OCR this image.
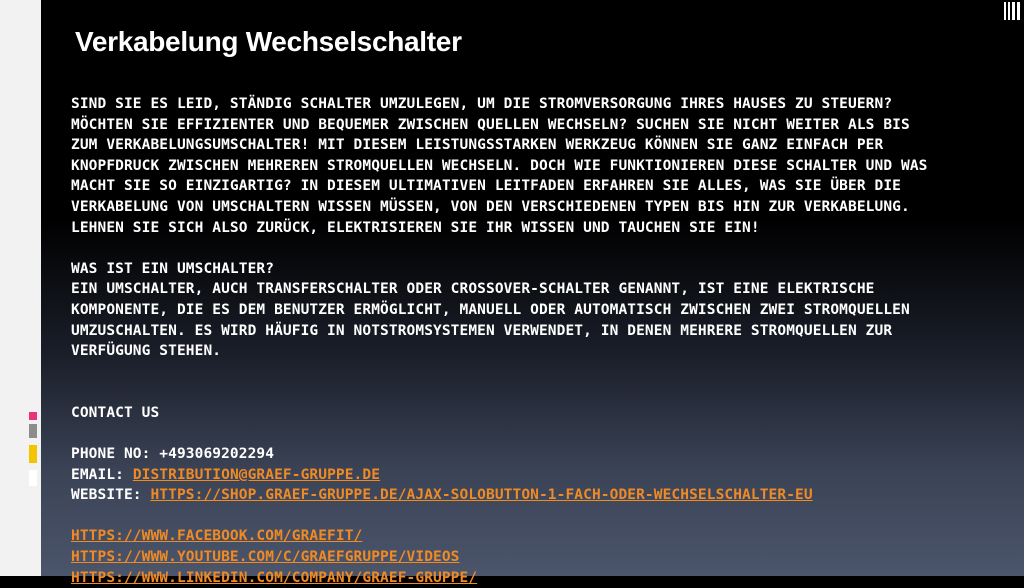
Verkabelung Wechselschalter

SIND SIE ES LEID, STÄNDIG SCHALTER UMZULEGEN, UM DIE STROMVERSORGUNG IHRES HAUSES ZU STEUERN?

MÖCHTEN SIE EFFIZIENTER UND BEQUEMER ZWISCHEN QUELLEN WECHSELN? SUCHEN SIE NICHT WEITER ALS BIS

ZUM VERKABELUNGSUMSCHALTER! MIT DIESEM LEISTUNGSSTARKEN WERKZEUG KÖNNEN SIE GANZ EINFACH PER

KNOPFDRUCK ZWISCHEN MEHREREN STROMQUELLEN WECHSELN. DOCH WIE FUNKTIONIEREN DIESE SCHALTER UND WAS

MACHT SIE SO EINZIGARTIG? IN DIESEM ULTIMATIVEN LEITFADEN ERFAHREN SIE ALLES, WAS SIE ÜBER DIE

VERKABELUNG VON UMSCHALTERN WISSEN MÜSSEN, VON DEN VERSCHIEDENEN TYPEN BIS HIN ZUR VERKABELUNG.

LEHNEN SIE SICH ALSO ZURÜCK, ELEKTRISIEREN SIE IHR WISSEN UND TAUCHEN SIE EIN!

WAS IST EIN UMSCHALTER?

EIN UMSCHALTER, AUCH TRANSFERSCHALTER ODER CROSSOVER-SCHALTER GENANNT, IST EINE ELEKTRISCHE

KOMPONENTE, DIE ES DEM BENUTZER ERMÖGLICHT, MANUELL ODER AUTOMATISCH ZWISCHEN ZWEI STROMQUELLEN

UMZUSCHALTEN. ES WIRD HÄUFIG IN NOTSTROMSYSTEMEN VERWENDET, IN DENEN MEHRERE STROMQUELLEN ZUR

VERFÜGUNG STEHEN.

CONTACT US

PHONE NO: +493069202294

EMAIL: DISTRIBUTION@GRAEF-GRUPPE.DE

WEBSITE: HTTPS://SHOP.GRAEF-GRUPPE.DE/AJAX-SOLOBUTTON-1-FACH-ODER-WECHSELSCHALTER-EU

HTTPS://WWW.FACEBOOK.COM/GRAEFIT/

HTTPS://WWW.YOUTUBE.COM/C/GRAEFGRUPPE/VIDEOS

HTTPS://WWW.LINKEDIN.COM/COMPANY/GRAEF-GRUPPE/
